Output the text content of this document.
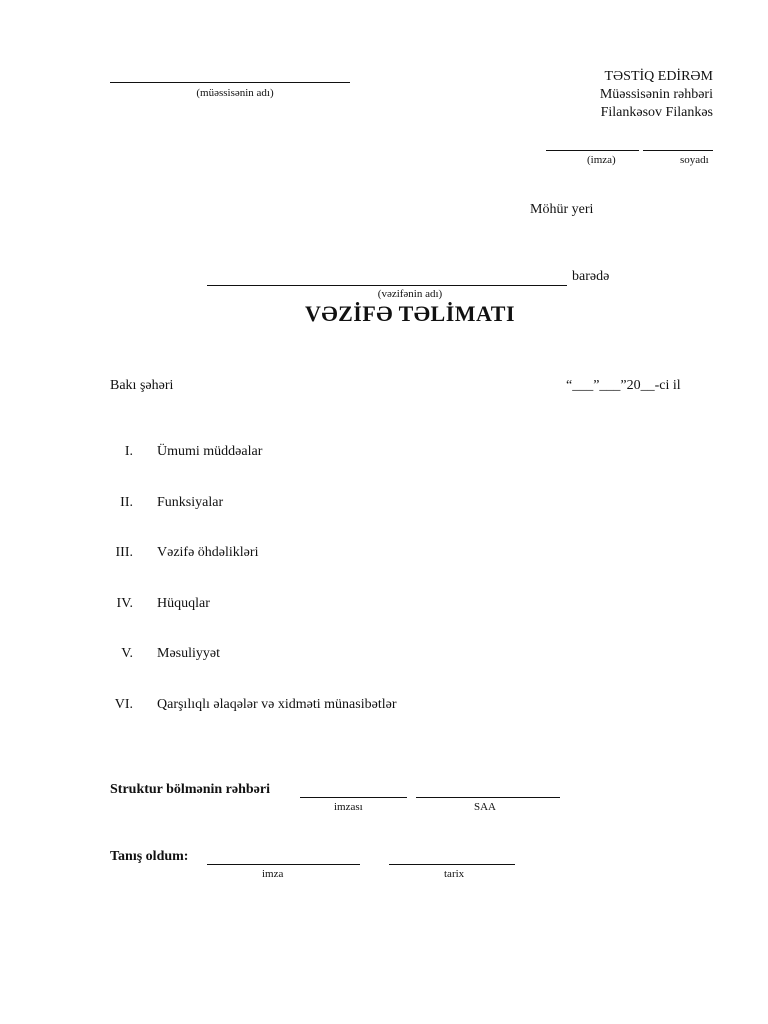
(müəssisənin adı)
TƏSTİQ EDİRƏM
Müəssisənin rəhbəri
Filankəsov Filankəs
(imza)	soyadı
Möhür yeri
barədə
(vəzifənin adı)
VƏZİFƏ TƏLİMATI
Bakı şəhəri	“___”___”20__-ci il
I. Ümumi müddəalar
II. Funksiyalar
III. Vəzifə öhdəlikləri
IV. Hüquqlar
V. Məsuliyyət
VI. Qarşılıqlı əlaqələr və xidməti münasibətlər
Struktur bölmənin rəhbəri
imzası	SAA
Tanış oldum:
imza	tarix
